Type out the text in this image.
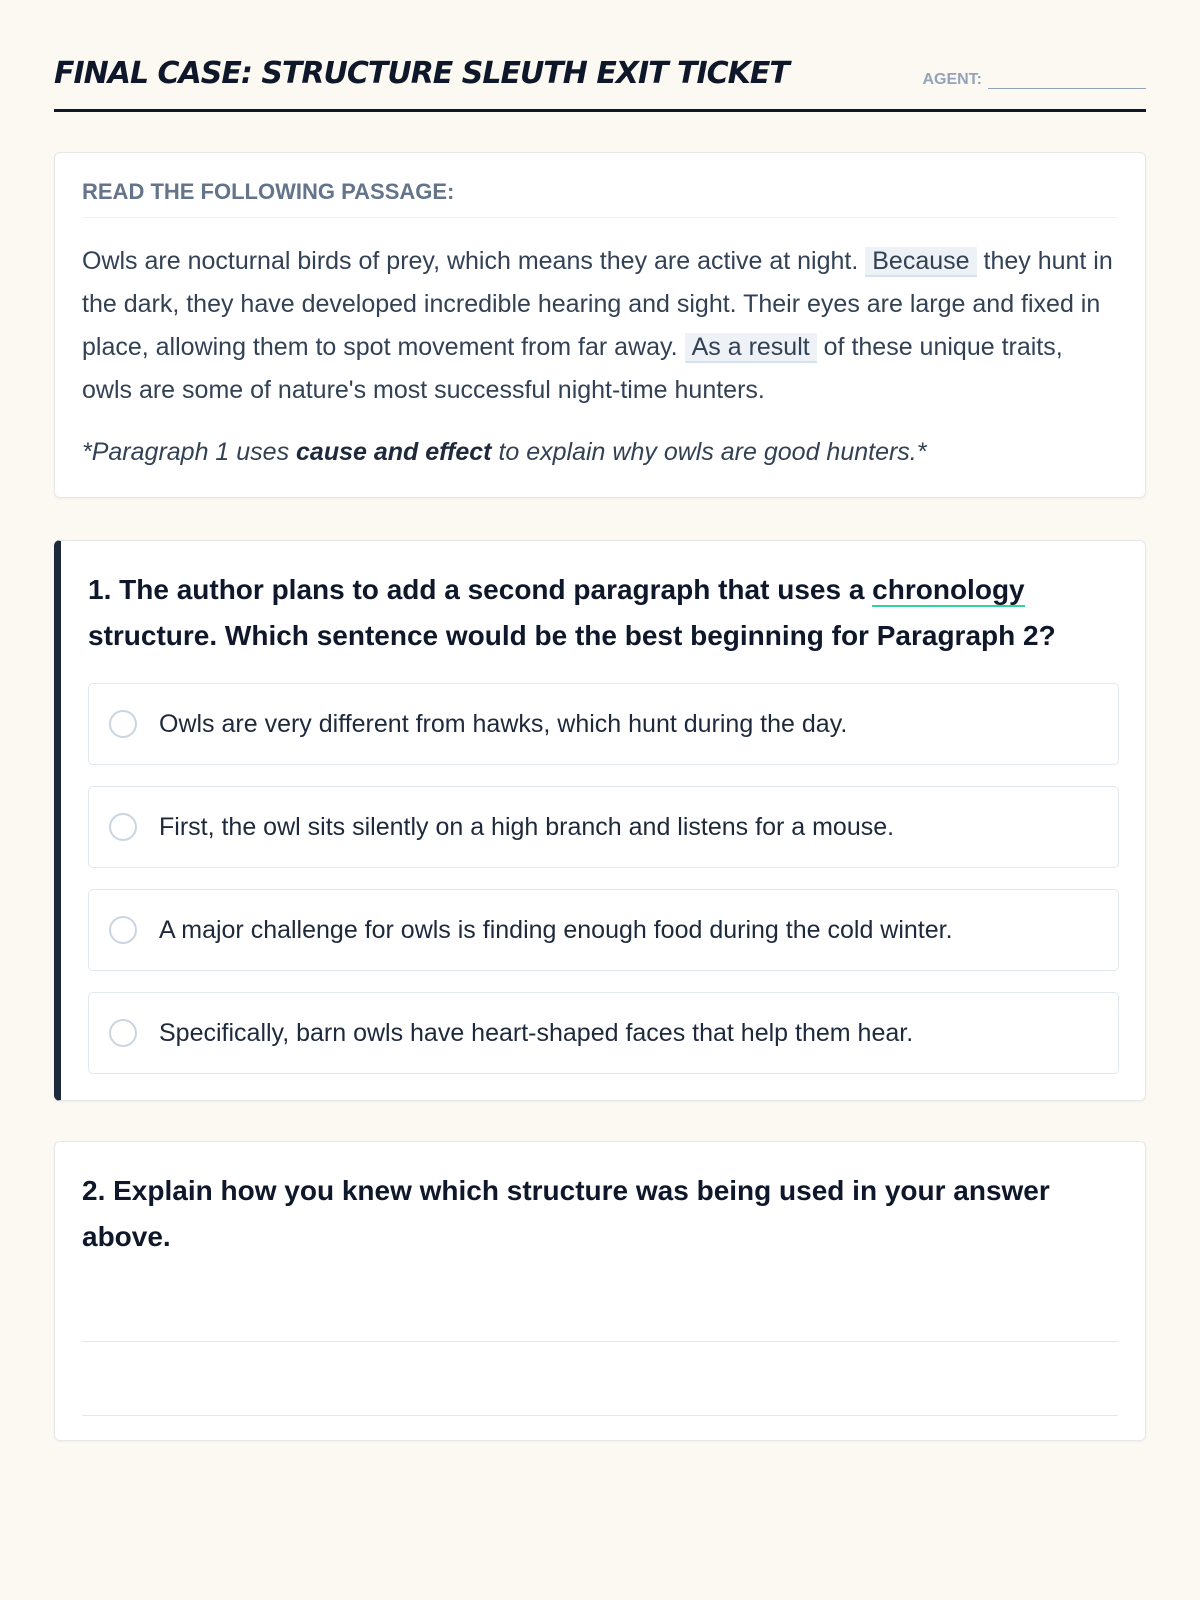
FINAL CASE: STRUCTURE SLEUTH EXIT TICKET	AGENT:
READ THE FOLLOWING PASSAGE:

Owls are nocturnal birds of prey, which means they are active at night. Because they hunt in the dark, they have developed incredible hearing and sight. Their eyes are large and fixed in place, allowing them to spot movement from far away. As a result of these unique traits, owls are some of nature's most successful night-time hunters.

*Paragraph 1 uses cause and effect to explain why owls are good hunters.*

1. The author plans to add a second paragraph that uses a chronology structure. Which sentence would be the best beginning for Paragraph 2?

Owls are very different from hawks, which hunt during the day.
First, the owl sits silently on a high branch and listens for a mouse.
A major challenge for owls is finding enough food during the cold winter.
Specifically, barn owls have heart-shaped faces that help them hear.

2. Explain how you knew which structure was being used in your answer above.
